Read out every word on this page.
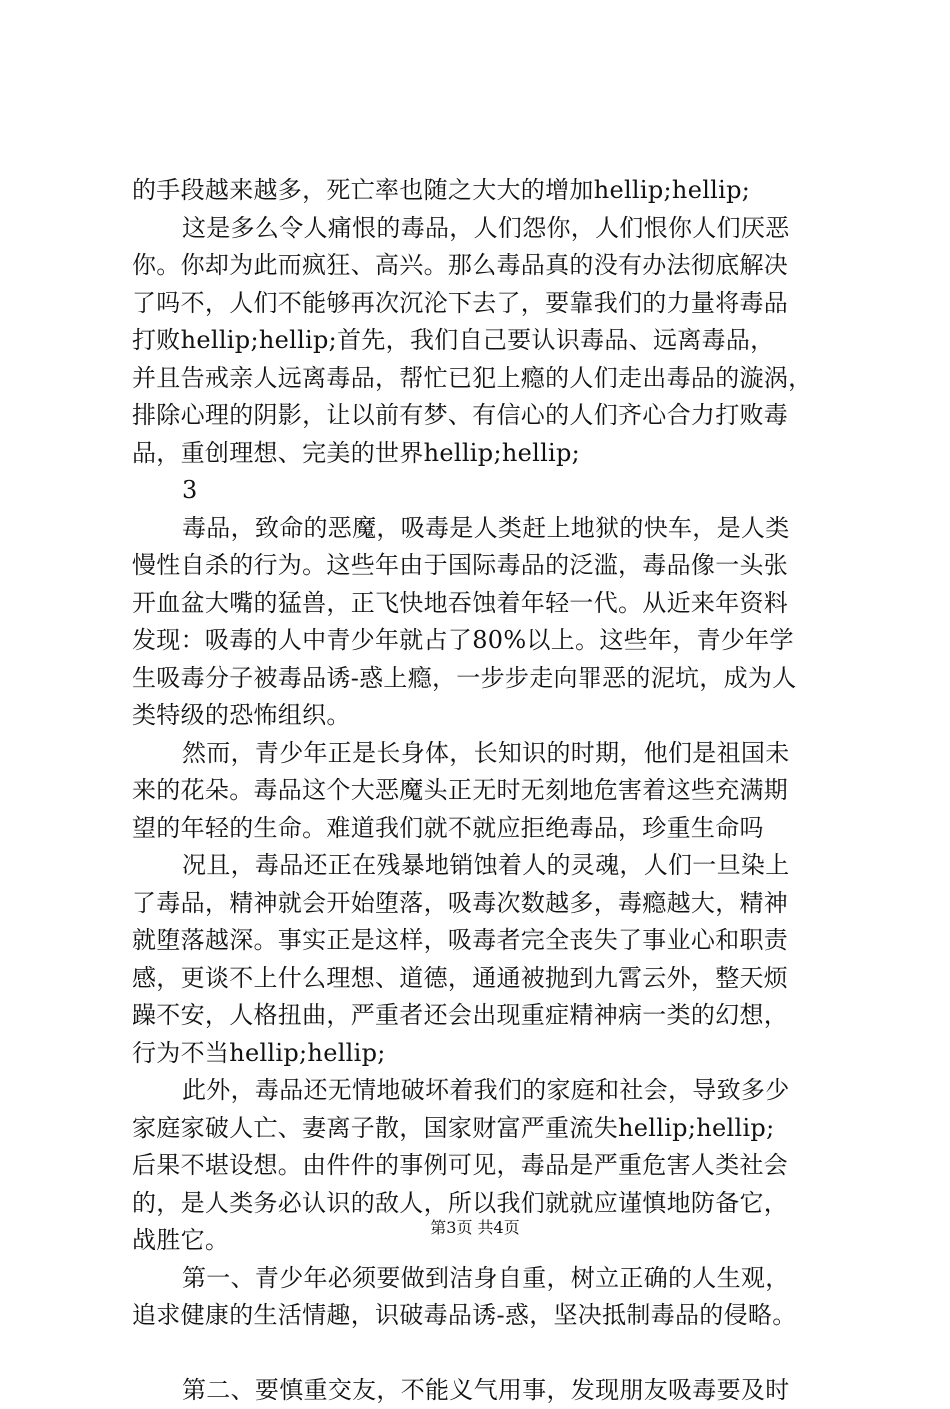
的手段越来越多，死亡率也随之大大的增加hellip;hellip;
这是多么令人痛恨的毒品，人们怨你，人们恨你人们厌恶
你。你却为此而疯狂、高兴。那么毒品真的没有办法彻底解决
了吗不，人们不能够再次沉沦下去了，要靠我们的力量将毒品
打败hellip;hellip;首先，我们自己要认识毒品、远离毒品，
并且告戒亲人远离毒品，帮忙已犯上瘾的人们走出毒品的漩涡，
排除心理的阴影，让以前有梦、有信心的人们齐心合力打败毒
品，重创理想、完美的世界hellip;hellip;
3
毒品，致命的恶魔，吸毒是人类赶上地狱的快车，是人类
慢性自杀的行为。这些年由于国际毒品的泛滥，毒品像一头张
开血盆大嘴的猛兽，正飞快地吞蚀着年轻一代。从近来年资料
发现：吸毒的人中青少年就占了80%以上。这些年，青少年学
生吸毒分子被毒品诱-惑上瘾，一步步走向罪恶的泥坑，成为人
类特级的恐怖组织。
然而，青少年正是长身体，长知识的时期，他们是祖国未
来的花朵。毒品这个大恶魔头正无时无刻地危害着这些充满期
望的年轻的生命。难道我们就不就应拒绝毒品，珍重生命吗
况且，毒品还正在残暴地销蚀着人的灵魂，人们一旦染上
了毒品，精神就会开始堕落，吸毒次数越多，毒瘾越大，精神
就堕落越深。事实正是这样，吸毒者完全丧失了事业心和职责
感，更谈不上什么理想、道德，通通被抛到九霄云外，整天烦
躁不安，人格扭曲，严重者还会出现重症精神病一类的幻想，
行为不当hellip;hellip;
此外，毒品还无情地破坏着我们的家庭和社会，导致多少
家庭家破人亡、妻离子散，国家财富严重流失hellip;hellip;
后果不堪设想。由件件的事例可见，毒品是严重危害人类社会
的，是人类务必认识的敌人，所以我们就就应谨慎地防备它，
战胜它。
第一、青少年必须要做到洁身自重，树立正确的人生观，
追求健康的生活情趣，识破毒品诱-惑，坚决抵制毒品的侵略。
第二、要慎重交友，不能义气用事，发现朋友吸毒要及时
第3页 共4页
